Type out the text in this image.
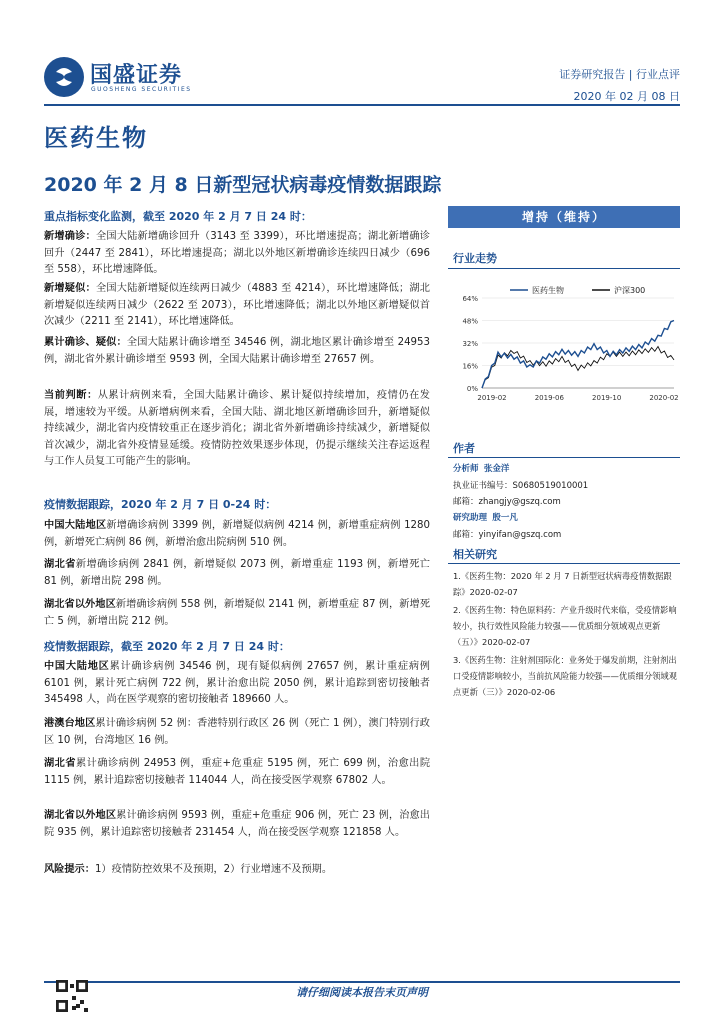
国盛证券
GUOSHENG SECURITIES
证券研究报告 | 行业点评
2020 年 02 月 08 日
医药生物
2020 年 2 月 8 日新型冠状病毒疫情数据跟踪
重点指标变化监测，截至 2020 年 2 月 7 日 24 时：
新增确诊：全国大陆新增确诊回升（3143 至 3399），环比增速提高；湖北新增确诊回升（2447 至 2841），环比增速提高；湖北以外地区新增确诊连续四日减少（696 至 558），环比增速降低。
新增疑似：全国大陆新增疑似连续两日减少（4883 至 4214），环比增速降低；湖北新增疑似连续两日减少（2622 至 2073），环比增速降低；湖北以外地区新增疑似首次减少（2211 至 2141），环比增速降低。
累计确诊、疑似：全国大陆累计确诊增至 34546 例，湖北地区累计确诊增至 24953 例，湖北省外累计确诊增至 9593 例，全国大陆累计确诊增至 27657 例。
当前判断：从累计病例来看，全国大陆累计确诊、累计疑似持续增加，疫情仍在发展，增速较为平缓。从新增病例来看，全国大陆、湖北地区新增确诊回升，新增疑似持续减少，湖北省内疫情较重正在逐步消化；湖北省外新增确诊持续减少，新增疑似首次减少，湖北省外疫情显延缓。疫情防控效果逐步体现，仍提示继续关注春运返程与工作人员复工可能产生的影响。
疫情数据跟踪，2020 年 2 月 7 日 0-24 时：
中国大陆地区新增确诊病例 3399 例，新增疑似病例 4214 例，新增重症病例 1280 例，新增死亡病例 86 例，新增治愈出院病例 510 例。
湖北省新增确诊病例 2841 例，新增疑似 2073 例，新增重症 1193 例，新增死亡 81 例，新增出院 298 例。
湖北省以外地区新增确诊病例 558 例，新增疑似 2141 例，新增重症 87 例，新增死亡 5 例，新增出院 212 例。
疫情数据跟踪，截至 2020 年 2 月 7 日 24 时：
中国大陆地区累计确诊病例 34546 例，现有疑似病例 27657 例，累计重症病例 6101 例，累计死亡病例 722 例，累计治愈出院 2050 例，累计追踪到密切接触者 345498 人，尚在医学观察的密切接触者 189660 人。
港澳台地区累计确诊病例 52 例：香港特别行政区 26 例（死亡 1 例），澳门特别行政区 10 例，台湾地区 16 例。
湖北省累计确诊病例 24953 例，重症+危重症 5195 例，死亡 699 例，治愈出院 1115 例，累计追踪密切接触者 114044 人，尚在接受医学观察 67802 人。
湖北省以外地区累计确诊病例 9593 例，重症+危重症 906 例，死亡 23 例，治愈出院 935 例，累计追踪密切接触者 231454 人，尚在接受医学观察 121858 人。
风险提示：1）疫情防控效果不及预期，2）行业增速不及预期。
增持（维持）
行业走势
0%
16%
32%
48%
64%
2019-02	2019-06	2019-10	2020-02
医药生物	沪深300
作者
分析师 张金洋
执业证书编号：S0680519010001
邮箱：zhangjy@gszq.com
研究助理 殷一凡
邮箱：yinyifan@gszq.com
相关研究
1.《医药生物：2020 年 2 月 7 日新型冠状病毒疫情数据跟踪》2020-02-07
2.《医药生物：特色原料药：产业升级时代来临，受疫情影响较小，执行效性风险能力较强——优质细分领域观点更新（五）》2020-02-07
3.《医药生物：注射剂国际化：业务处于爆发前期，注射剂出口受疫情影响较小，当前抗风险能力较强——优质细分领域观点更新（三）》2020-02-06
请仔细阅读本报告末页声明
